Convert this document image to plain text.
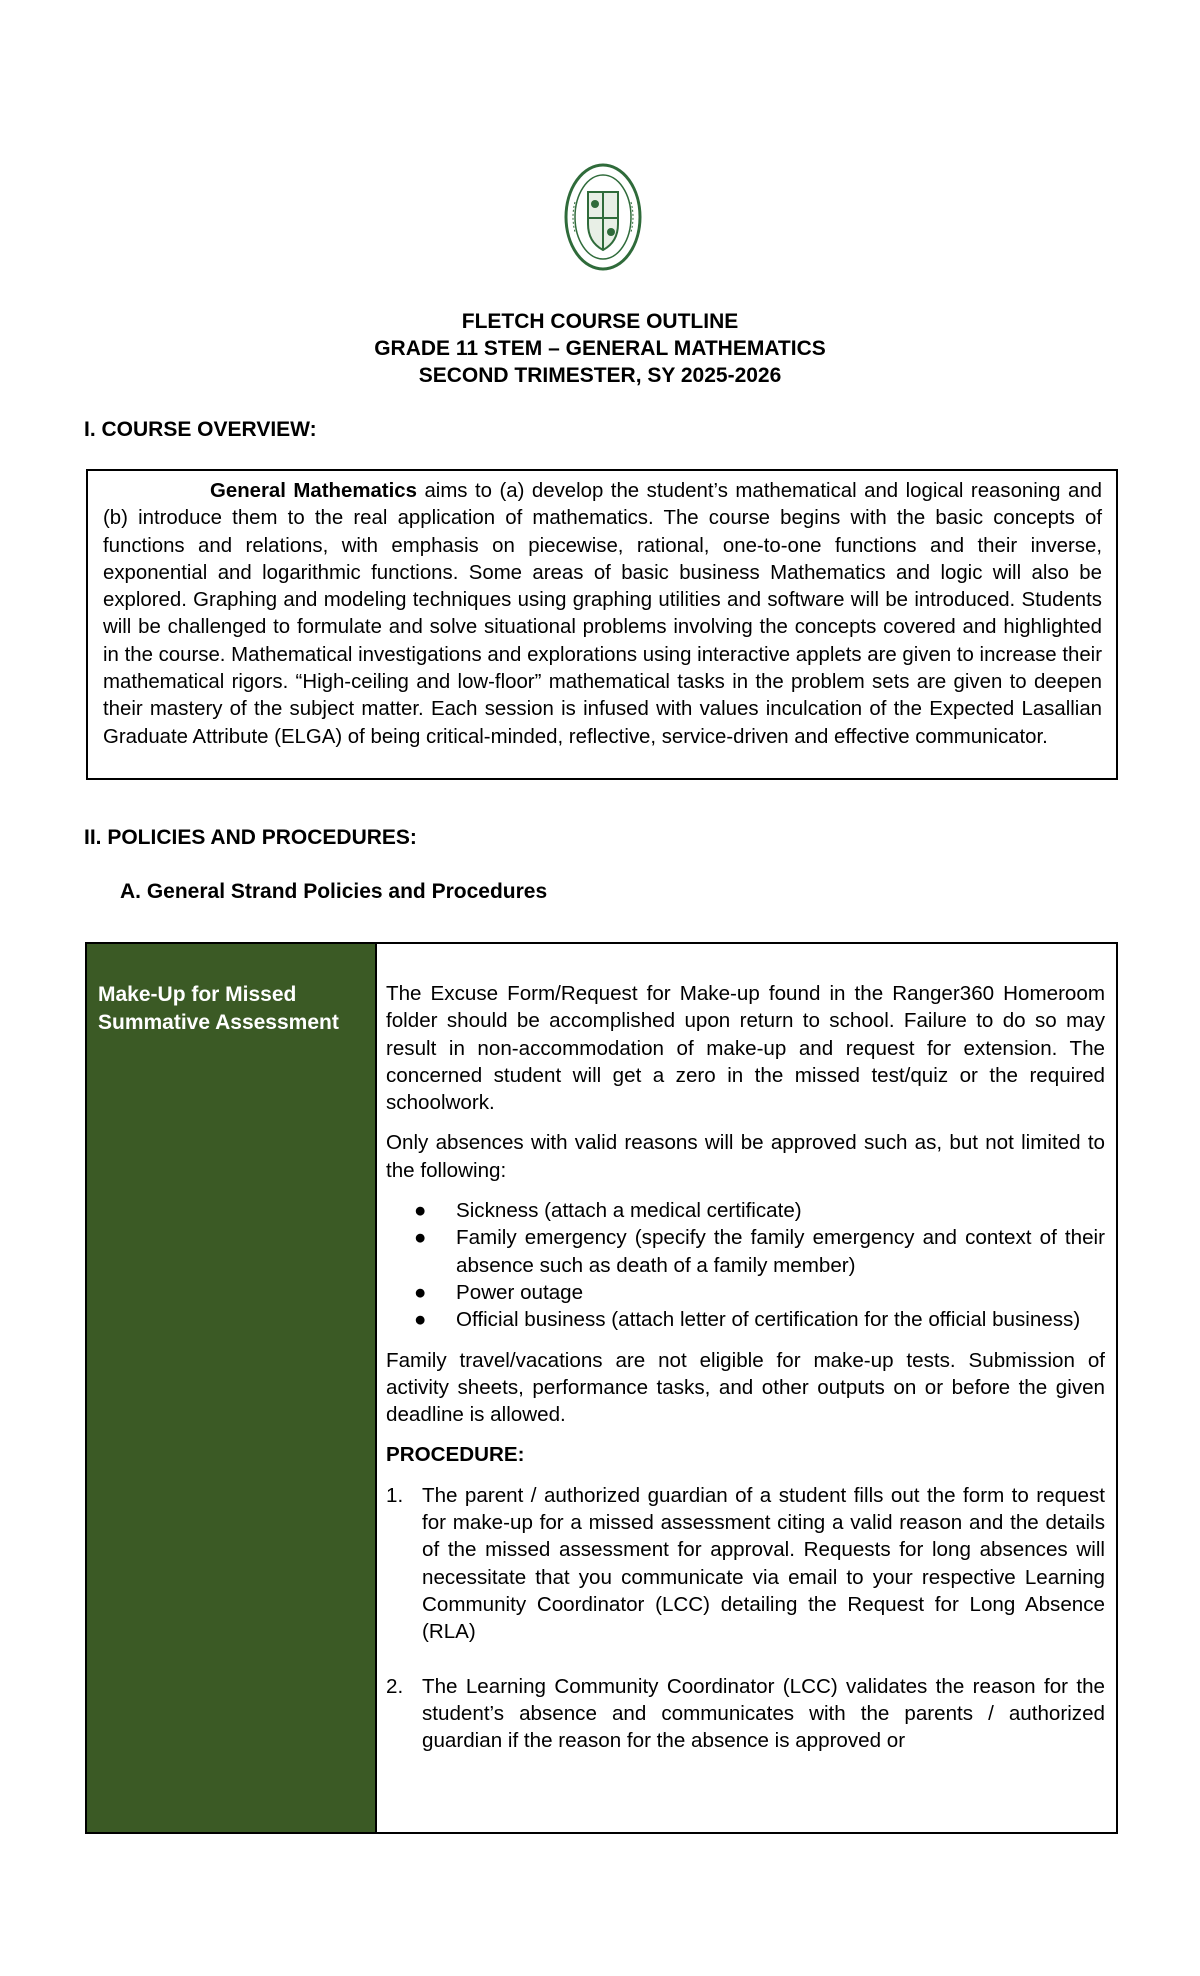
FLETCH COURSE OUTLINE
GRADE 11 STEM – GENERAL MATHEMATICS
SECOND TRIMESTER, SY 2025-2026
I. COURSE OVERVIEW:

General Mathematics aims to (a) develop the student’s mathematical and logical reasoning and (b) introduce them to the real application of mathematics. The course begins with the basic concepts of functions and relations, with emphasis on piecewise, rational, one-to-one functions and their inverse, exponential and logarithmic functions. Some areas of basic business Mathematics and logic will also be explored. Graphing and modeling techniques using graphing utilities and software will be introduced. Students will be challenged to formulate and solve situational problems involving the concepts covered and highlighted in the course. Mathematical investigations and explorations using interactive applets are given to increase their mathematical rigors. “High-ceiling and low-floor” mathematical tasks in the problem sets are given to deepen their mastery of the subject matter. Each session is infused with values inculcation of the Expected Lasallian Graduate Attribute (ELGA) of being critical-minded, reflective, service-driven and effective communicator.

II. POLICIES AND PROCEDURES:
A. General Strand Policies and Procedures
Make-Up for Missed Summative Assessment

The Excuse Form/Request for Make-up found in the Ranger360 Homeroom folder should be accomplished upon return to school. Failure to do so may result in non-accommodation of make-up and request for extension. The concerned student will get a zero in the missed test/quiz or the required schoolwork.

Only absences with valid reasons will be approved such as, but not limited to the following:

● Sickness (attach a medical certificate)
● Family emergency (specify the family emergency and context of their absence such as death of a family member)
● Power outage
● Official business (attach letter of certification for the official business)

Family travel/vacations are not eligible for make-up tests. Submission of activity sheets, performance tasks, and other outputs on or before the given deadline is allowed.

PROCEDURE:

1. The parent / authorized guardian of a student fills out the form to request for make-up for a missed assessment citing a valid reason and the details of the missed assessment for approval. Requests for long absences will necessitate that you communicate via email to your respective Learning Community Coordinator (LCC) detailing the Request for Long Absence (RLA)
2. The Learning Community Coordinator (LCC) validates the reason for the student’s absence and communicates with the parents / authorized guardian if the reason for the absence is approved or
